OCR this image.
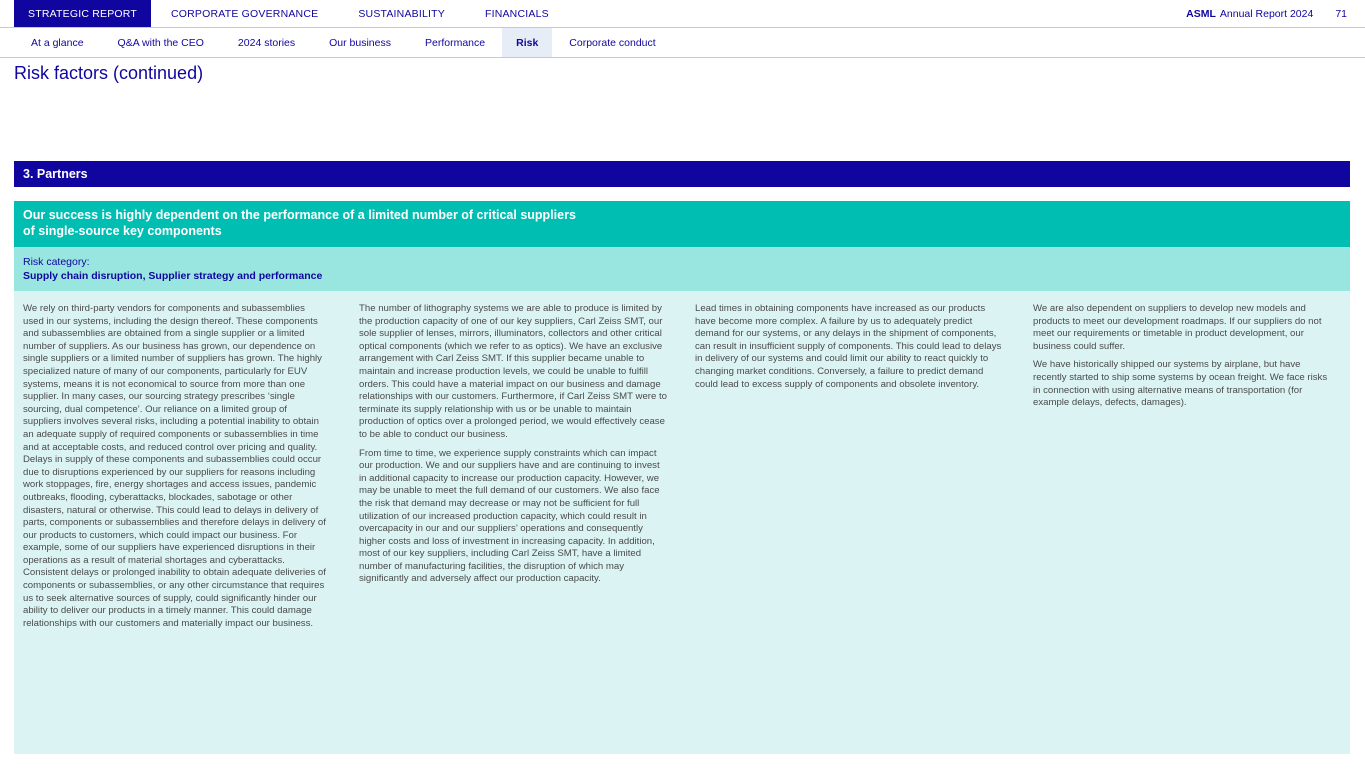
STRATEGIC REPORT	CORPORATE GOVERNANCE	SUSTAINABILITY	FINANCIALS	ASML Annual Report 2024 71
At a glance	Q&A with the CEO	2024 stories	Our business	Performance	Risk	Corporate conduct
Risk factors (continued)
3. Partners
Our success is highly dependent on the performance of a limited number of critical suppliers
of single-source key components
Risk category:
Supply chain disruption, Supplier strategy and performance

We rely on third-party vendors for components and subassemblies used in our systems, including the design thereof. These components and subassemblies are obtained from a single supplier or a limited number of suppliers. As our business has grown, our dependence on single suppliers or a limited number of suppliers has grown. The highly specialized nature of many of our components, particularly for EUV systems, means it is not economical to source from more than one supplier. In many cases, our sourcing strategy prescribes ‘single sourcing, dual competence’. Our reliance on a limited group of suppliers involves several risks, including a potential inability to obtain an adequate supply of required components or subassemblies in time and at acceptable costs, and reduced control over pricing and quality. Delays in supply of these components and subassemblies could occur due to disruptions experienced by our suppliers for reasons including work stoppages, fire, energy shortages and access issues, pandemic outbreaks, flooding, cyberattacks, blockades, sabotage or other disasters, natural or otherwise. This could lead to delays in delivery of parts, components or subassemblies and therefore delays in delivery of our products to customers, which could impact our business. For example, some of our suppliers have experienced disruptions in their operations as a result of material shortages and cyberattacks. Consistent delays or prolonged inability to obtain adequate deliveries of components or subassemblies, or any other circumstance that requires us to seek alternative sources of supply, could significantly hinder our ability to deliver our products in a timely manner. This could damage relationships with our customers and materially impact our business.

The number of lithography systems we are able to produce is limited by the production capacity of one of our key suppliers, Carl Zeiss SMT, our sole supplier of lenses, mirrors, illuminators, collectors and other critical optical components (which we refer to as optics). We have an exclusive arrangement with Carl Zeiss SMT. If this supplier became unable to maintain and increase production levels, we could be unable to fulfill orders. This could have a material impact on our business and damage relationships with our customers. Furthermore, if Carl Zeiss SMT were to terminate its supply relationship with us or be unable to maintain production of optics over a prolonged period, we would effectively cease to be able to conduct our business.

From time to time, we experience supply constraints which can impact our production. We and our suppliers have and are continuing to invest in additional capacity to increase our production capacity. However, we may be unable to meet the full demand of our customers. We also face the risk that demand may decrease or may not be sufficient for full utilization of our increased production capacity, which could result in overcapacity in our and our suppliers’ operations and consequently higher costs and loss of investment in increasing capacity. In addition, most of our key suppliers, including Carl Zeiss SMT, have a limited number of manufacturing facilities, the disruption of which may significantly and adversely affect our production capacity.

Lead times in obtaining components have increased as our products have become more complex. A failure by us to adequately predict demand for our systems, or any delays in the shipment of components, can result in insufficient supply of components. This could lead to delays in delivery of our systems and could limit our ability to react quickly to changing market conditions. Conversely, a failure to predict demand could lead to excess supply of components and obsolete inventory.

We are also dependent on suppliers to develop new models and products to meet our development roadmaps. If our suppliers do not meet our requirements or timetable in product development, our business could suffer.

We have historically shipped our systems by airplane, but have recently started to ship some systems by ocean freight. We face risks in connection with using alternative means of transportation (for example delays, defects, damages).
